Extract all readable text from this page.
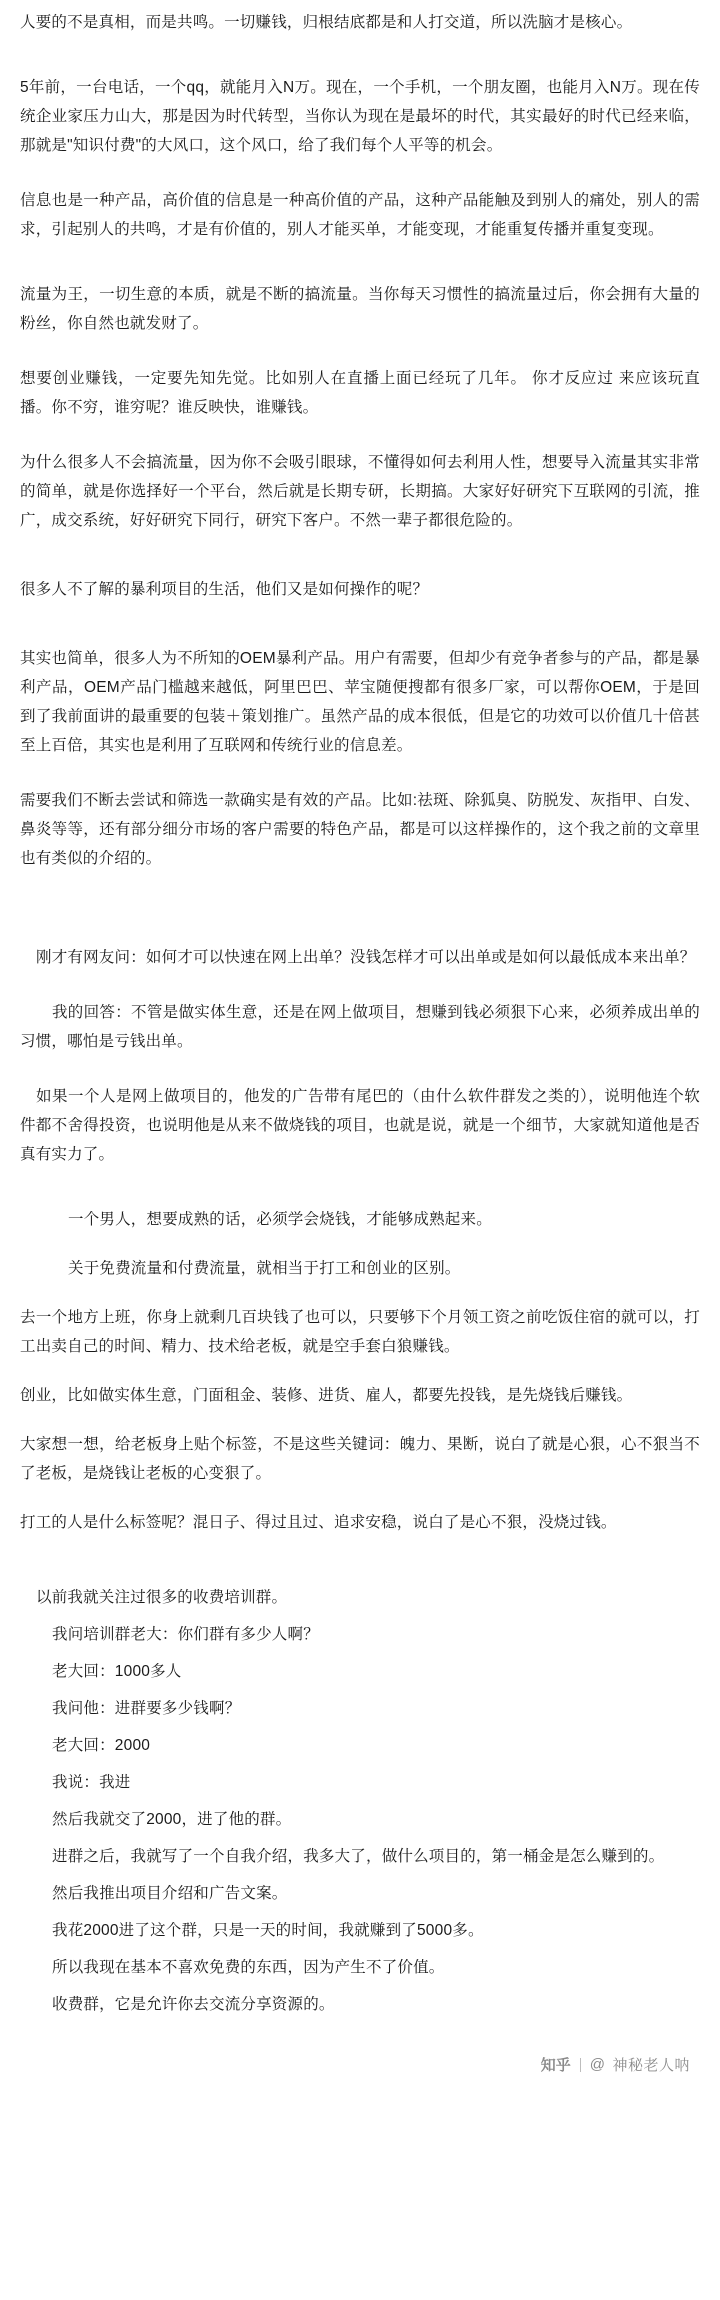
人要的不是真相，而是共鸣。一切赚钱，归根结底都是和人打交道，所以洗脑才是核心。

5年前，一台电话，一个qq，就能月入N万。现在，一个手机，一个朋友圈，也能月入N万。现在传统企业家压力山大，那是因为时代转型，当你认为现在是最坏的时代，其实最好的时代已经来临，那就是"知识付费"的大风口，这个风口，给了我们每个人平等的机会。

信息也是一种产品，高价值的信息是一种高价值的产品，这种产品能触及到别人的痛处，别人的需求，引起别人的共鸣，才是有价值的，别人才能买单，才能变现，才能重复传播并重复变现。

流量为王，一切生意的本质，就是不断的搞流量。当你每天习惯性的搞流量过后，你会拥有大量的粉丝，你自然也就发财了。

想要创业赚钱，一定要先知先觉。比如别人在直播上面已经玩了几年。 你才反应过 来应该玩直播。你不穷，谁穷呢？谁反映快，谁赚钱。

为什么很多人不会搞流量，因为你不会吸引眼球，不懂得如何去利用人性，想要导入流量其实非常的简单，就是你选择好一个平台，然后就是长期专研，长期搞。大家好好研究下互联网的引流，推广，成交系统，好好研究下同行，研究下客户。不然一辈子都很危险的。

很多人不了解的暴利项目的生活，他们又是如何操作的呢？

其实也简单，很多人为不所知的OEM暴利产品。用户有需要，但却少有竞争者参与的产品，都是暴利产品，OEM产品门槛越来越低，阿里巴巴、苹宝随便搜都有很多厂家，可以帮你OEM，于是回到了我前面讲的最重要的包装＋策划推广。虽然产品的成本很低，但是它的功效可以价值几十倍甚至上百倍，其实也是利用了互联网和传统行业的信息差。

需要我们不断去尝试和筛选一款确实是有效的产品。比如:祛斑、除狐臭、防脱发、灰指甲、白发、鼻炎等等，还有部分细分市场的客户需要的特色产品，都是可以这样操作的，这个我之前的文章里也有类似的介绍的。

刚才有网友问：如何才可以快速在网上出单？没钱怎样才可以出单或是如何以最低成本来出单？

我的回答：不管是做实体生意，还是在网上做项目，想赚到钱必须狠下心来，必须养成出单的习惯，哪怕是亏钱出单。

如果一个人是网上做项目的，他发的广告带有尾巴的（由什么软件群发之类的），说明他连个软件都不舍得投资，也说明他是从来不做烧钱的项目，也就是说，就是一个细节，大家就知道他是否真有实力了。

一个男人，想要成熟的话，必须学会烧钱，才能够成熟起来。

关于免费流量和付费流量，就相当于打工和创业的区别。

去一个地方上班，你身上就剩几百块钱了也可以，只要够下个月领工资之前吃饭住宿的就可以，打工出卖自己的时间、精力、技术给老板，就是空手套白狼赚钱。

创业，比如做实体生意，门面租金、装修、进货、雇人，都要先投钱，是先烧钱后赚钱。

大家想一想，给老板身上贴个标签，不是这些关键词：魄力、果断，说白了就是心狠，心不狠当不了老板，是烧钱让老板的心变狠了。

打工的人是什么标签呢？混日子、得过且过、追求安稳，说白了是心不狠，没烧过钱。

以前我就关注过很多的收费培训群。

我问培训群老大：你们群有多少人啊？

老大回：1000多人

我问他：进群要多少钱啊？

老大回：2000

我说：我进

然后我就交了2000，进了他的群。

进群之后，我就写了一个自我介绍，我多大了，做什么项目的，第一桶金是怎么赚到的。

然后我推出项目介绍和广告文案。

我花2000进了这个群，只是一天的时间，我就赚到了5000多。

所以我现在基本不喜欢免费的东西，因为产生不了价值。

收费群，它是允许你去交流分享资源的。

知乎 @ 神秘老人呐
